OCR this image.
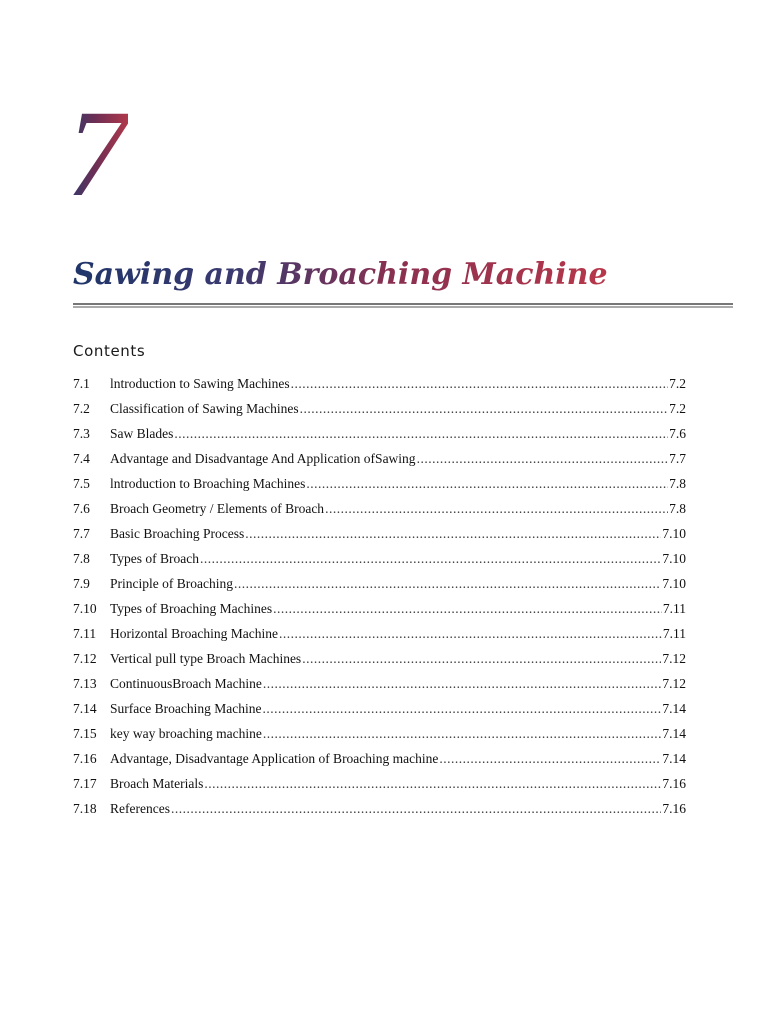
7
Sawing and Broaching Machine
Contents
7.1	lntroduction to Sawing Machines .....	7.2
7.2	Classification of Sawing Machines .....	7.2
7.3	Saw Blades .....	7.6
7.4	Advantage and Disadvantage And Application ofSawing .....	7.7
7.5	lntroduction to Broaching Machines .....	7.8
7.6	Broach Geometry / Elements of Broach .....	7.8
7.7	Basic Broaching Process .....	7.10
7.8	Types of Broach .....	7.10
7.9	Principle of Broaching .....	7.10
7.10 Types of Broaching Machines .....	7.11
7.11	Horizontal Broaching Machine .....	7.11
7.12 Vertical pull type Broach Machines .....	7.12
7.13 ContinuousBroach Machine .....	7.12
7.14 Surface Broaching Machine .....	7.14
7.15 key way broaching machine .....	7.14
7.16 Advantage, Disadvantage Application of Broaching machine .....	7.14
7.17 Broach Materials .....	7.16
7.18 References .....	7.16
